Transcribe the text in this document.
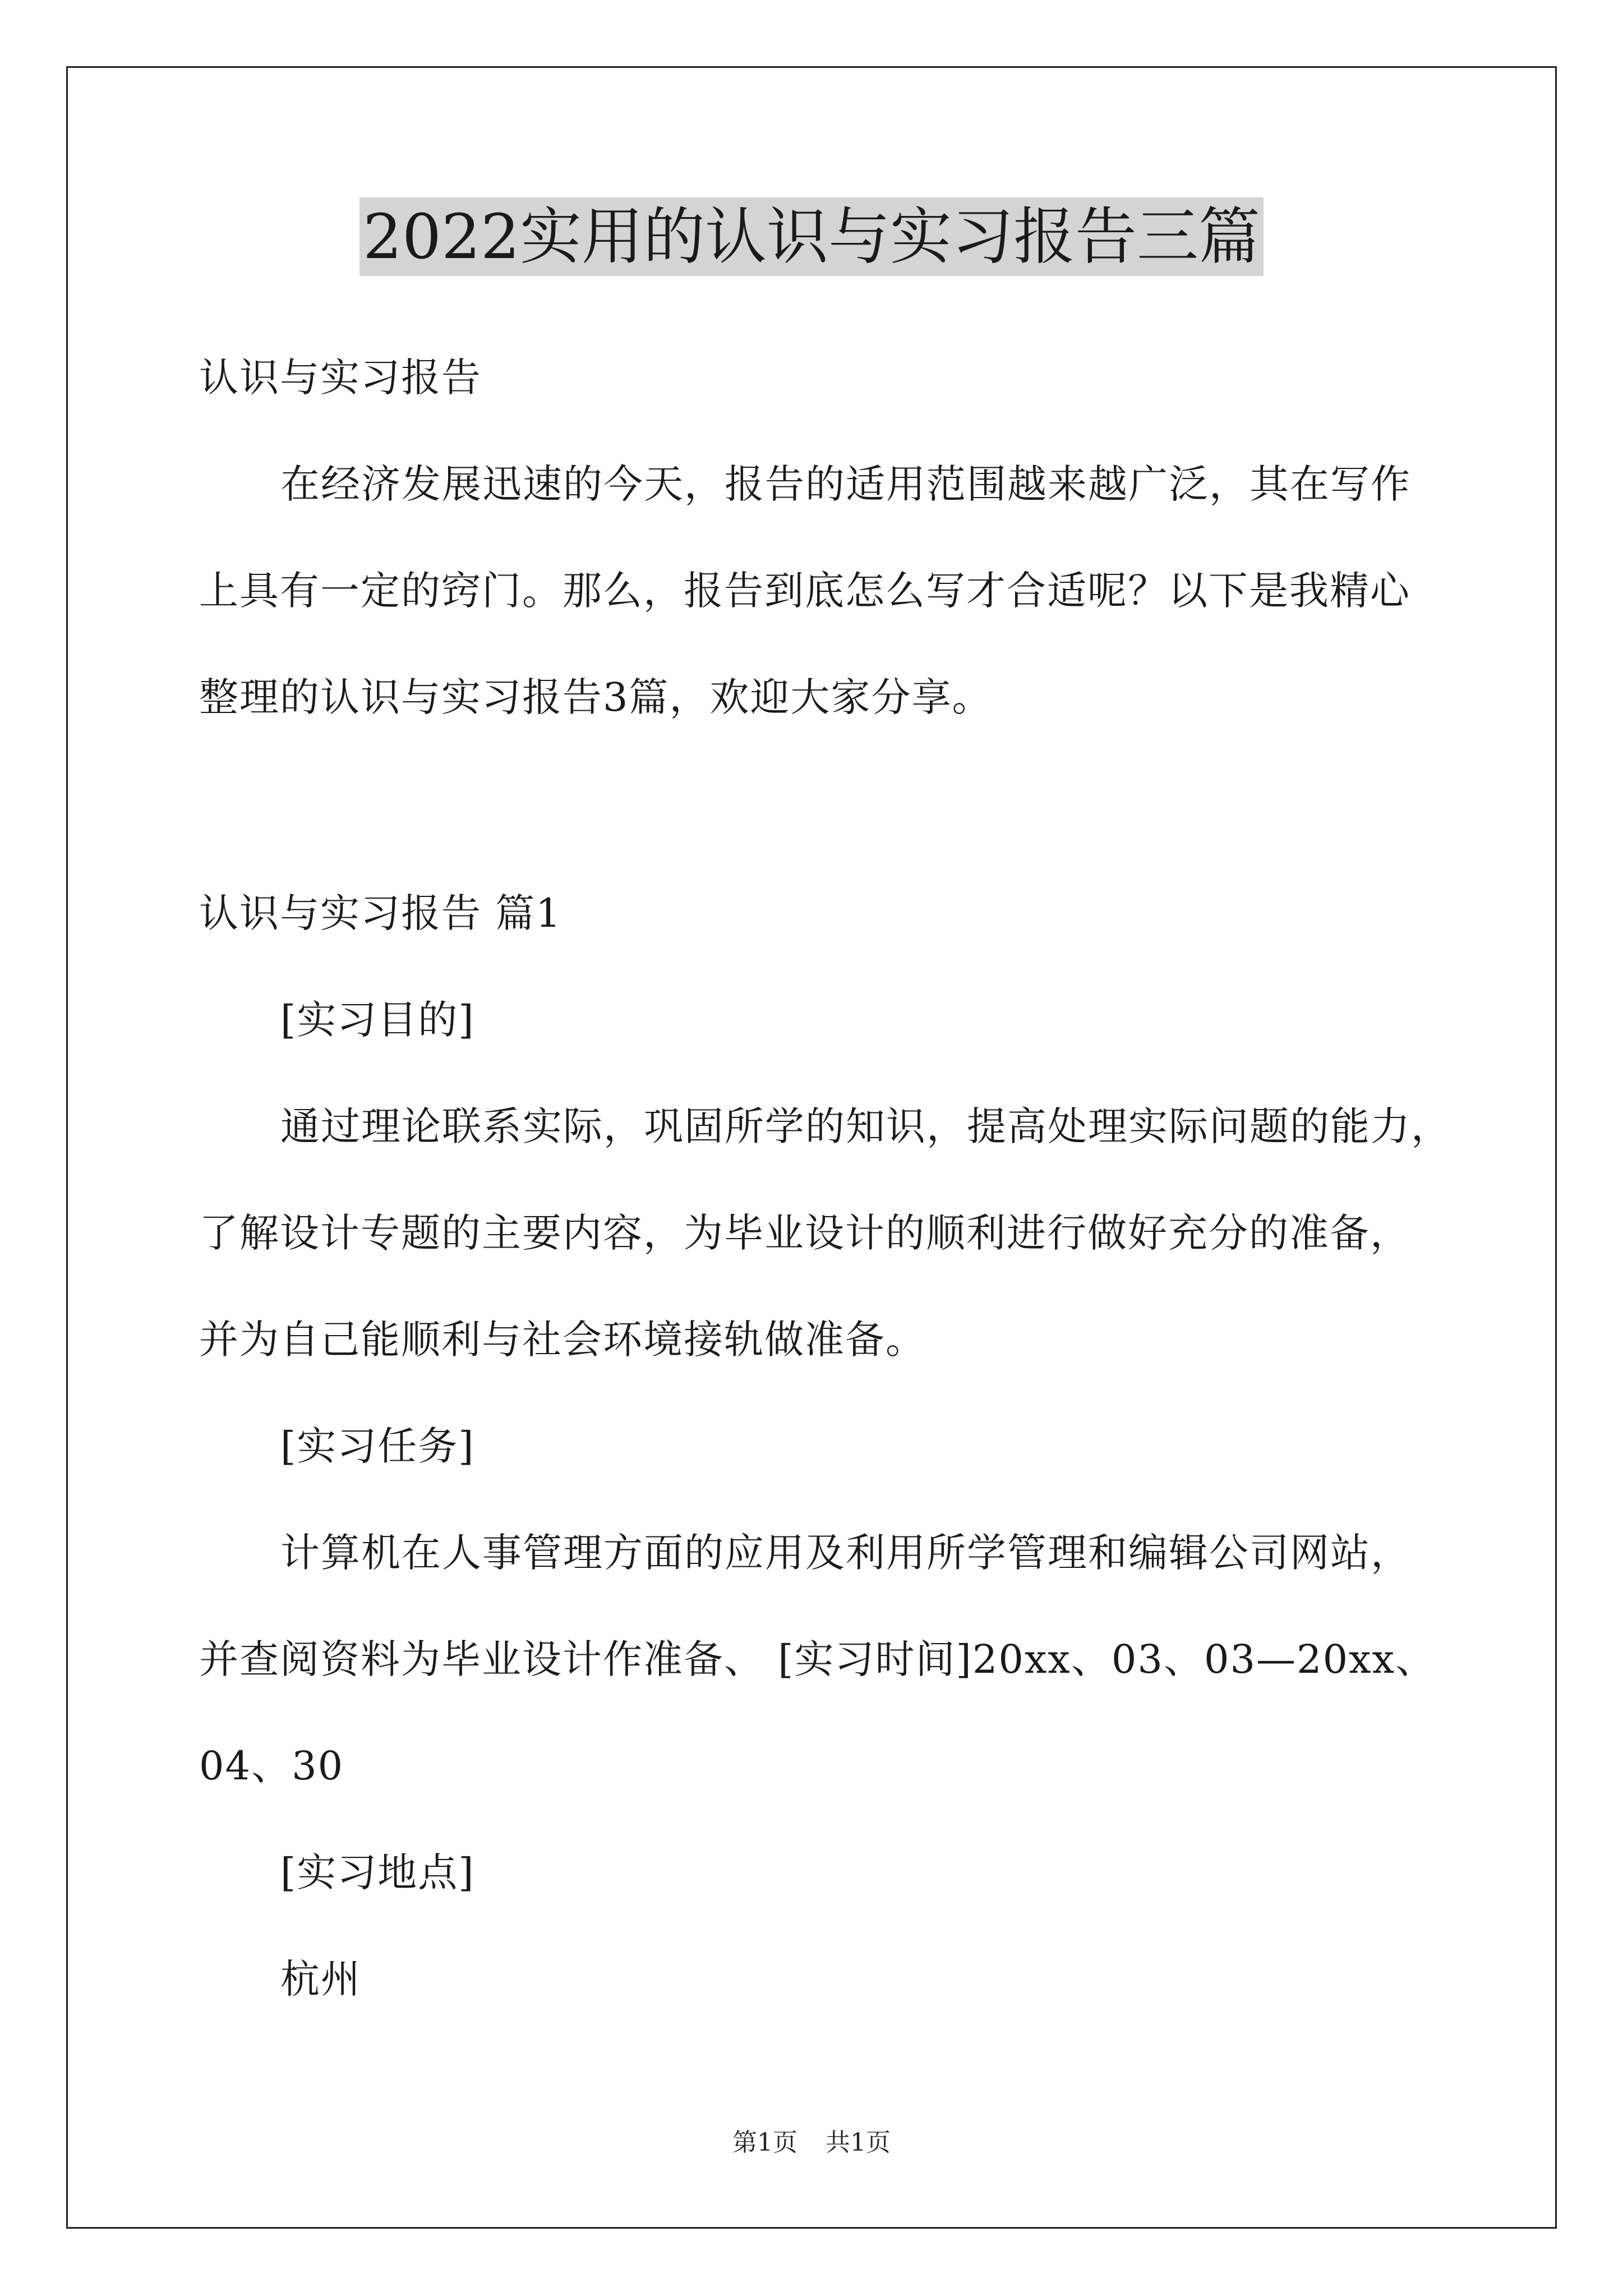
2022实用的认识与实习报告三篇
认识与实习报告
在经济发展迅速的今天，报告的适用范围越来越广泛，其在写作
上具有一定的窍门。那么，报告到底怎么写才合适呢？以下是我精心
整理的认识与实习报告3篇，欢迎大家分享。
认识与实习报告 篇1
[实习目的]
通过理论联系实际，巩固所学的知识，提高处理实际问题的能力，
了解设计专题的主要内容，为毕业设计的顺利进行做好充分的准备，
并为自己能顺利与社会环境接轨做准备。
[实习任务]
计算机在人事管理方面的应用及利用所学管理和编辑公司网站，
并查阅资料为毕业设计作准备、 [实习时间]20xx、03、03—20xx、
04、30
[实习地点]
杭州
第1页 共1页
